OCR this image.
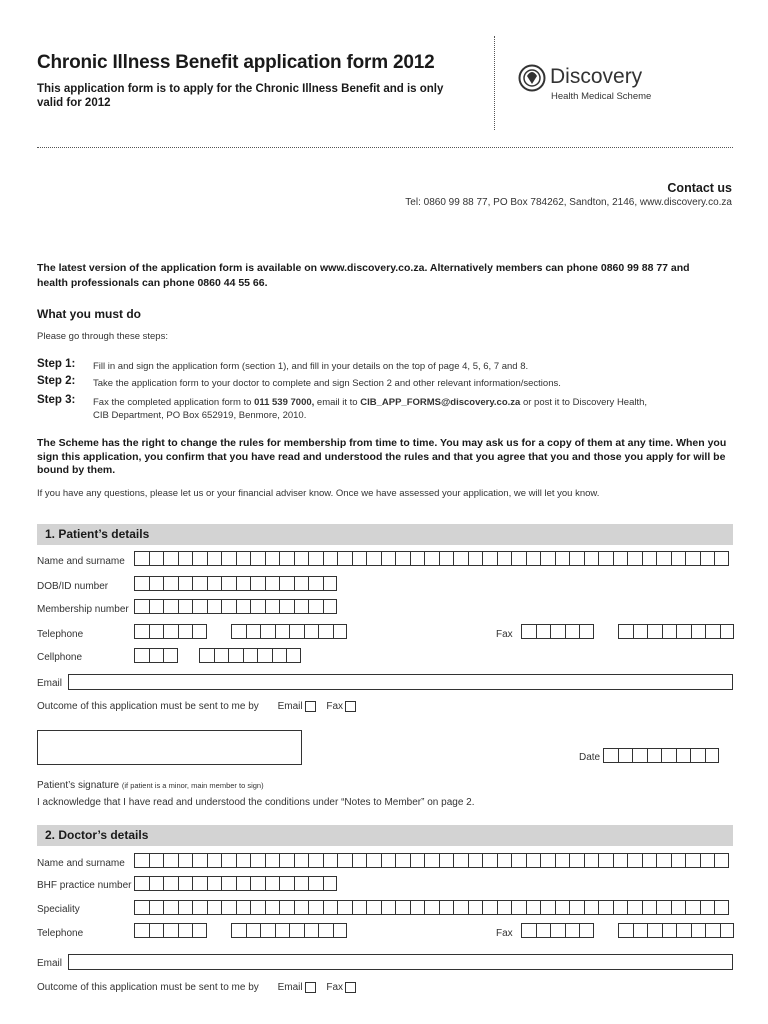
Chronic Illness Benefit application form 2012
This application form is to apply for the Chronic Illness Benefit and is only valid for 2012
Discovery
Health Medical Scheme
Contact us
Tel: 0860 99 88 77, PO Box 784262, Sandton, 2146, www.discovery.co.za
The latest version of the application form is available on www.discovery.co.za. Alternatively members can phone 0860 99 88 77 and health professionals can phone 0860 44 55 66.
What you must do
Please go through these steps:
Step 1: Fill in and sign the application form (section 1), and fill in your details on the top of page 4, 5, 6, 7 and 8.
Step 2: Take the application form to your doctor to complete and sign Section 2 and other relevant information/sections.
Step 3: Fax the completed application form to 011 539 7000, email it to CIB_APP_FORMS@discovery.co.za or post it to Discovery Health, CIB Department, PO Box 652919, Benmore, 2010.
The Scheme has the right to change the rules for membership from time to time. You may ask us for a copy of them at any time. When you sign this application, you confirm that you have read and understood the rules and that you agree that you and those you apply for will be bound by them.
If you have any questions, please let us or your financial adviser know. Once we have assessed your application, we will let you know.
1. Patient’s details
Name and surname
DOB/ID number
Membership number
Telephone	Fax
Cellphone
Email
Outcome of this application must be sent to me by Email Fax
Date
Patient’s signature (if patient is a minor, main member to sign)
I acknowledge that I have read and understood the conditions under “Notes to Member” on page 2.
2. Doctor’s details
Name and surname
BHF practice number
Speciality
Telephone	Fax
Email
Outcome of this application must be sent to me by Email Fax
